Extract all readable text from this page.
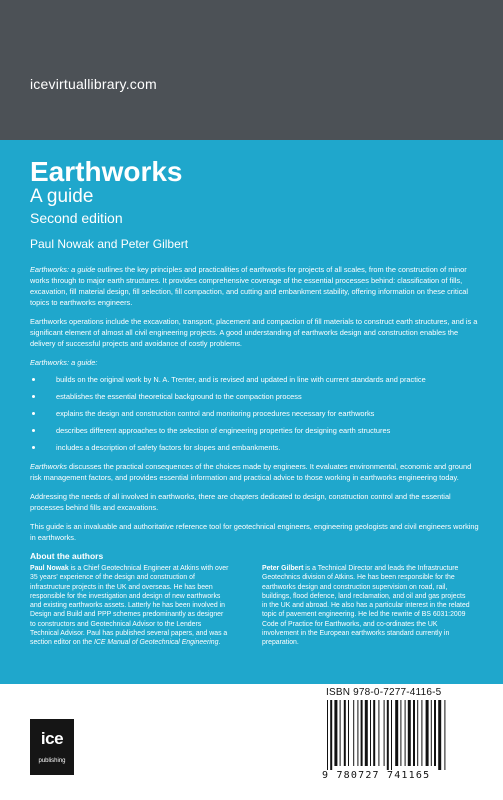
icevirtuallibrary.com
Earthworks
A guide
Second edition
Paul Nowak and Peter Gilbert

Earthworks: a guide outlines the key principles and practicalities of earthworks for projects of all scales, from the construction of minor works through to major earth structures. It provides comprehensive coverage of the essential processes behind: classification of fills, excavation, fill material design, fill selection, fill compaction, and cutting and embankment stability, offering information on these critical topics to earthworks engineers.

Earthworks operations include the excavation, transport, placement and compaction of fill materials to construct earth structures, and is a significant element of almost all civil engineering projects. A good understanding of earthworks design and construction enables the delivery of successful projects and avoidance of costly problems.

Earthworks: a guide:

builds on the original work by N. A. Trenter, and is revised and updated in line with current standards and practice
establishes the essential theoretical background to the compaction process
explains the design and construction control and monitoring procedures necessary for earthworks
describes different approaches to the selection of engineering properties for designing earth structures
includes a description of safety factors for slopes and embankments.

Earthworks discusses the practical consequences of the choices made by engineers. It evaluates environmental, economic and ground risk management factors, and provides essential information and practical advice to those working in earthworks engineering today.

Addressing the needs of all involved in earthworks, there are chapters dedicated to design, construction control and the essential processes behind fills and excavations.

This guide is an invaluable and authoritative reference tool for geotechnical engineers, engineering geologists and civil engineers working in earthworks.

About the authors
Paul Nowak is a Chief Geotechnical Engineer at Atkins with over 35 years' experience of the design and construction of infrastructure projects in the UK and overseas. He has been responsible for the investigation and design of new earthworks and existing earthworks assets. Latterly he has been involved in Design and Build and PPP schemes predominantly as designer to constructors and Geotechnical Advisor to the Lenders Technical Advisor. Paul has published several papers, and was a section editor on the ICE Manual of Geotechnical Engineering.
Peter Gilbert is a Technical Director and leads the Infrastructure Geotechnics division of Atkins. He has been responsible for the earthworks design and construction supervision on road, rail, buildings, flood defence, land reclamation, and oil and gas projects in the UK and abroad. He also has a particular interest in the related topic of pavement engineering. He led the rewrite of BS 6031:2009 Code of Practice for Earthworks, and co-ordinates the UK involvement in the European earthworks standard currently in preparation.
ice
publishing
ISBN 978-0-7277-4116-5
9 780727 741165
